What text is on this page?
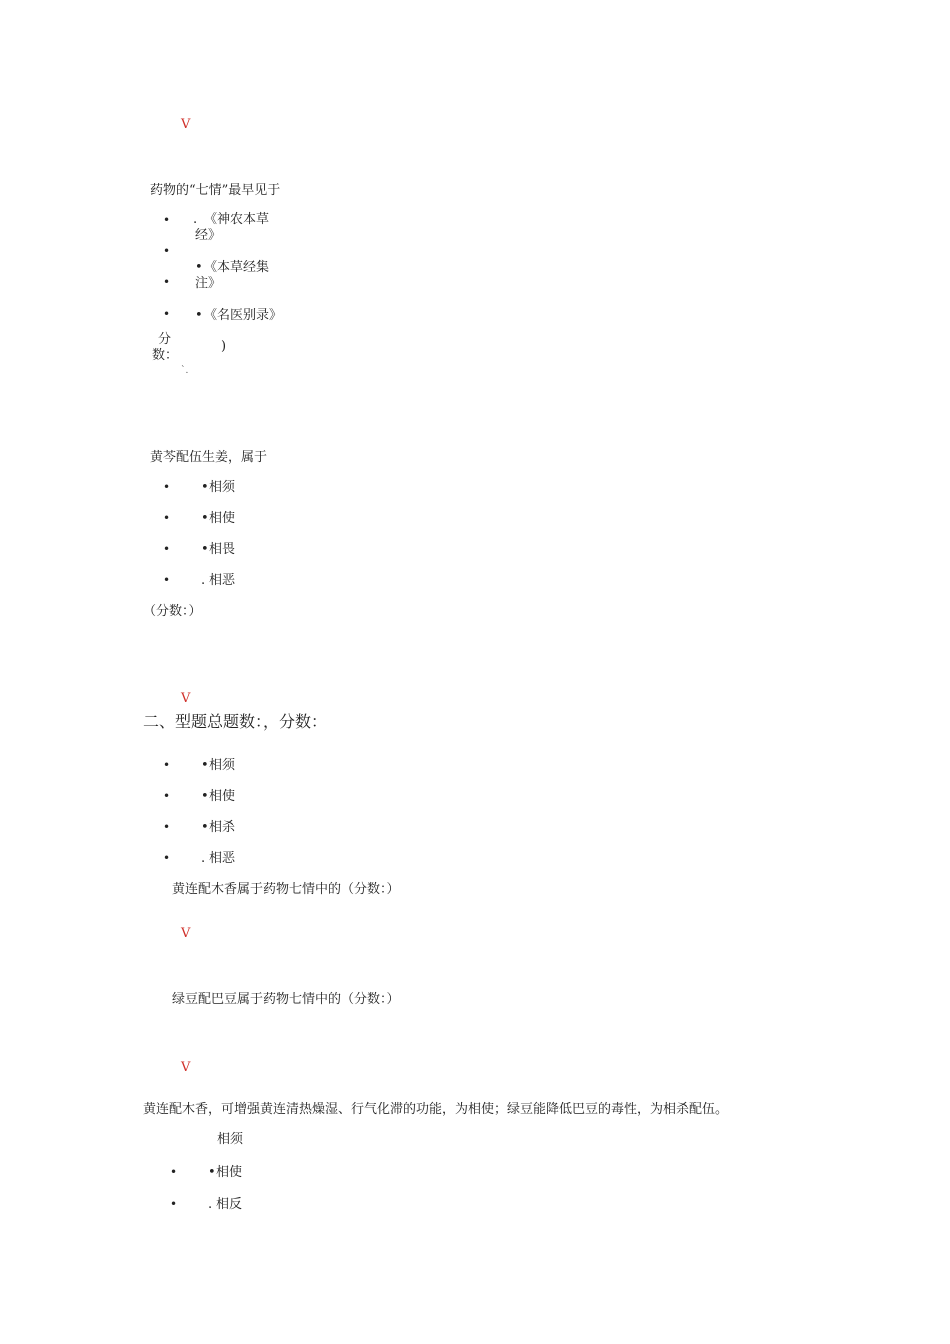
V
药物的“七情”最早见于
• . 《神农本草
经》
•
• 《本草经集
• 注》
• • 《名医别录》
分	)
数：
`.
黄芩配伍生姜，属于
• • 相须
• • 相使
• • 相畏
• . 相恶
（分数：）
V
二、型题总题数：，分数：
• • 相须
• • 相使
• • 相杀
• . 相恶
黄连配木香属于药物七情中的（分数：）
V
绿豆配巴豆属于药物七情中的（分数：）
V
黄连配木香，可增强黄连清热燥湿、行气化滞的功能，为相使；绿豆能降低巴豆的毒性，为相杀配伍。
相须
• • 相使
• . 相反
